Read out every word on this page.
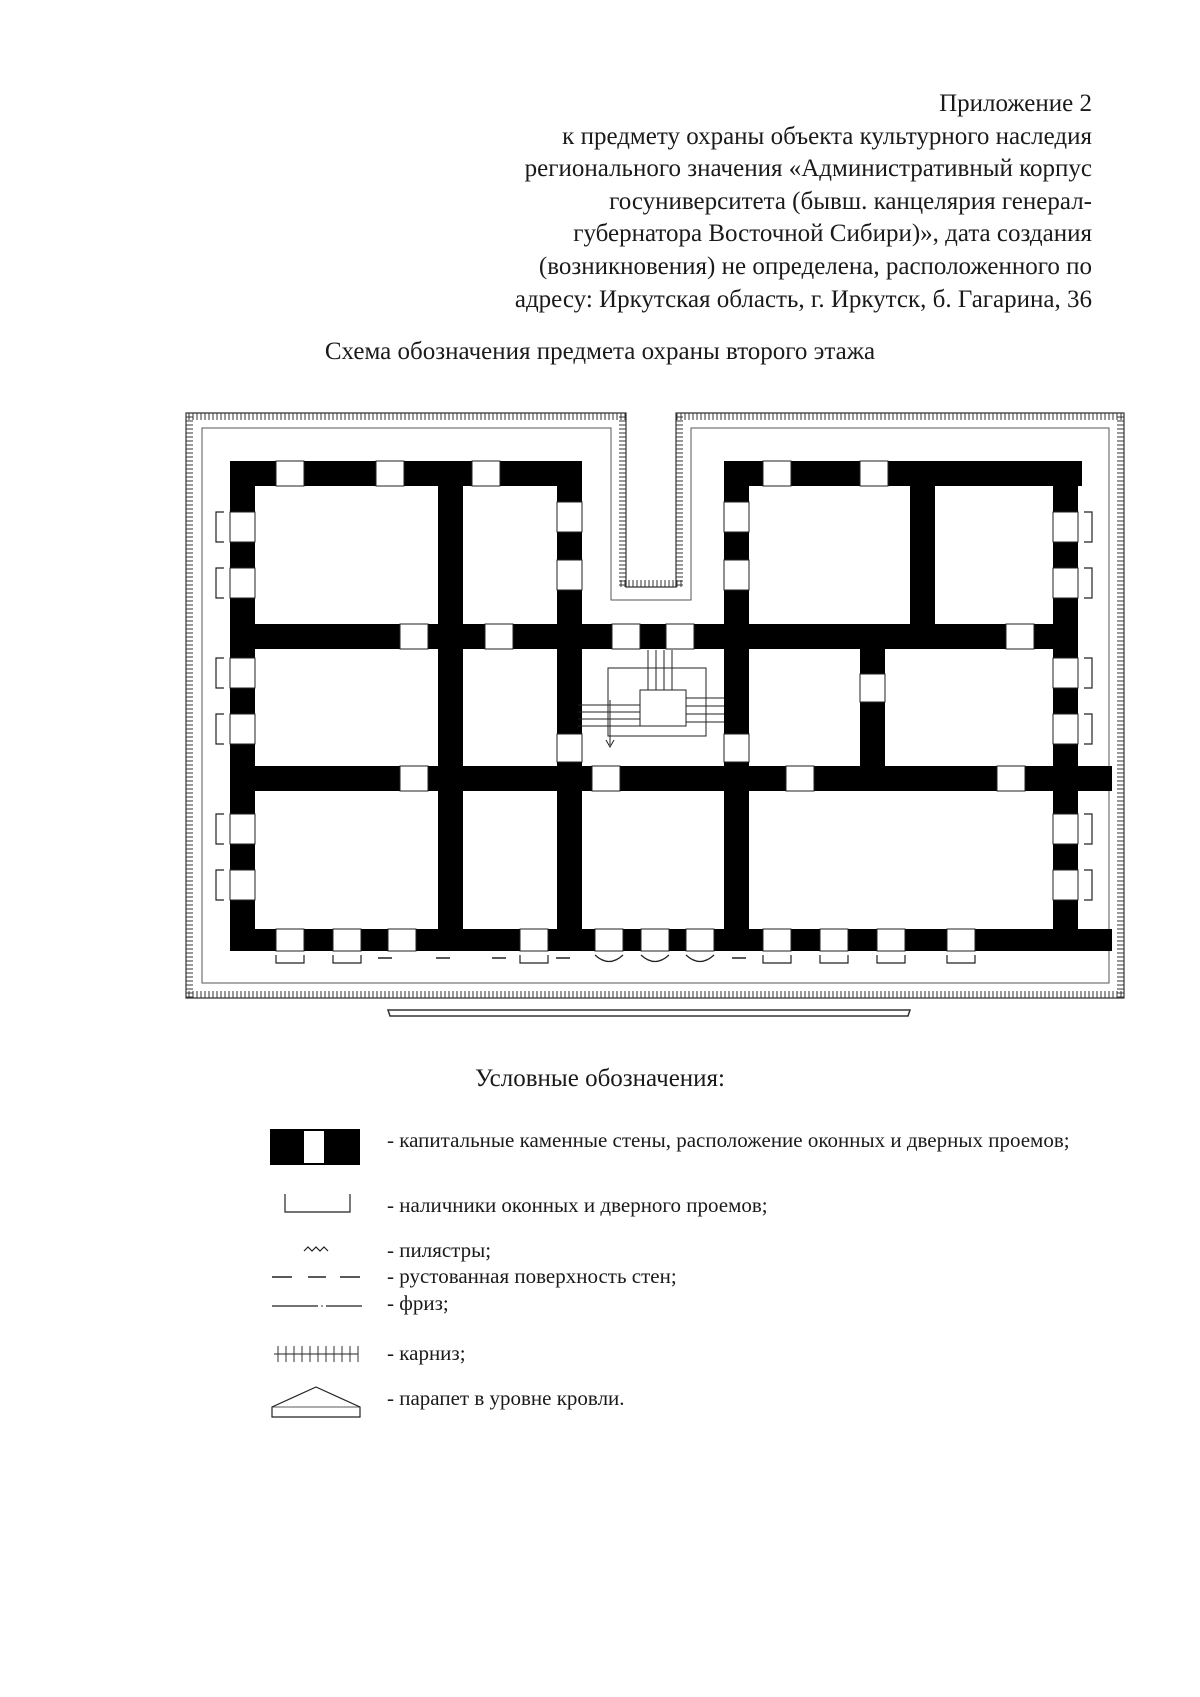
Приложение 2
к предмету охраны объекта культурного наследия
регионального значения «Административный корпус
госуниверситета (бывш. канцелярия генерал-
губернатора Восточной Сибири)», дата создания
(возникновения) не определена, расположенного по
адресу: Иркутская область, г. Иркутск, б. Гагарина, 36
Схема обозначения предмета охраны второго этажа
Условные обозначения:
- капитальные каменные стены, расположение оконных и дверных проемов;
- наличники оконных и дверного проемов;
- пилястры;
- рустованная поверхность стен;
- фриз;
- карниз;
- парапет в уровне кровли.
